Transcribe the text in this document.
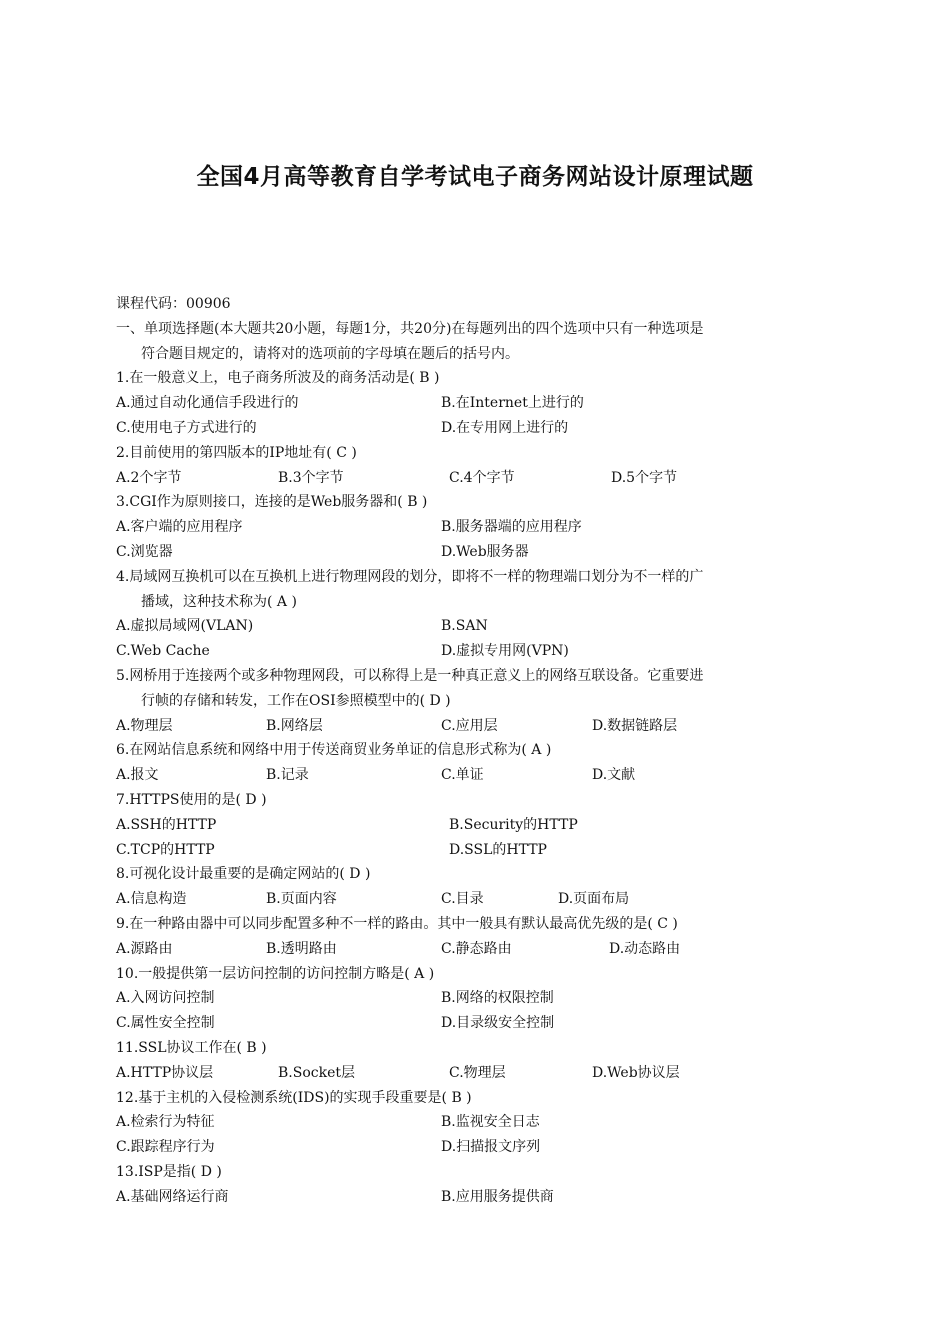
全国4月高等教育自学考试电子商务网站设计原理试题
课程代码：00906
一、单项选择题(本大题共20小题，每题1分，共20分)在每题列出的四个选项中只有一种选项是
符合题目规定的，请将对的选项前的字母填在题后的括号内。
1.在一般意义上，电子商务所波及的商务活动是( B )
A.通过自动化通信手段进行的	B.在Internet上进行的
C.使用电子方式进行的	D.在专用网上进行的
2.目前使用的第四版本的IP地址有( C )
A.2个字节	B.3个字节	C.4个字节	D.5个字节
3.CGI作为原则接口，连接的是Web服务器和( B )
A.客户端的应用程序	B.服务器端的应用程序
C.浏览器	D.Web服务器
4.局域网互换机可以在互换机上进行物理网段的划分，即将不一样的物理端口划分为不一样的广
播域，这种技术称为( A )
A.虚拟局域网(VLAN)	B.SAN
C.Web Cache	D.虚拟专用网(VPN)
5.网桥用于连接两个或多种物理网段，可以称得上是一种真正意义上的网络互联设备。它重要进
行帧的存储和转发，工作在OSI参照模型中的( D )
A.物理层	B.网络层	C.应用层	D.数据链路层
6.在网站信息系统和网络中用于传送商贸业务单证的信息形式称为( A )
A.报文	B.记录	C.单证	D.文献
7.HTTPS使用的是( D )
A.SSH的HTTP	B.Security的HTTP
C.TCP的HTTP	D.SSL的HTTP
8.可视化设计最重要的是确定网站的( D )
A.信息构造	B.页面内容	C.目录	D.页面布局
9.在一种路由器中可以同步配置多种不一样的路由。其中一般具有默认最高优先级的是( C )
A.源路由	B.透明路由	C.静态路由	D.动态路由
10.一般提供第一层访问控制的访问控制方略是( A )
A.入网访问控制	B.网络的权限控制
C.属性安全控制	D.目录级安全控制
11.SSL协议工作在( B )
A.HTTP协议层	B.Socket层	C.物理层	D.Web协议层
12.基于主机的入侵检测系统(IDS)的实现手段重要是( B )
A.检索行为特征	B.监视安全日志
C.跟踪程序行为	D.扫描报文序列
13.ISP是指( D )
A.基础网络运行商	B.应用服务提供商
